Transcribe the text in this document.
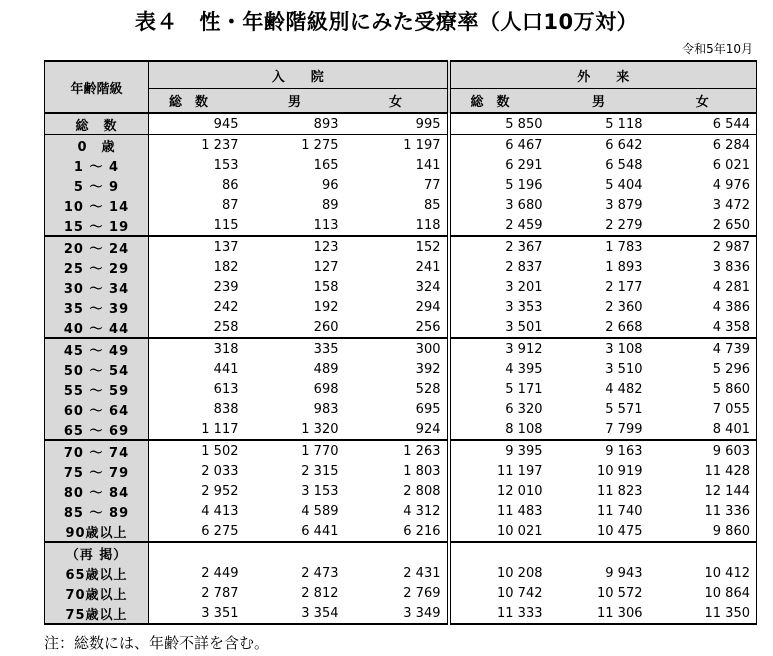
表４　性・年齢階級別にみた受療率（人口10万対）
令和5年10月
年齢階級	入　　院			外　　来		
	総　数	男	女	総　数	男	女
総　数	945	893	995	5 850	5 118	6 544
0　歳	1 237	1 275	1 197	6 467	6 642	6 284
1 ～ 4	153	165	141	6 291	6 548	6 021
5 ～ 9	86	96	77	5 196	5 404	4 976
10 ～ 14	87	89	85	3 680	3 879	3 472
15 ～ 19	115	113	118	2 459	2 279	2 650
20 ～ 24	137	123	152	2 367	1 783	2 987
25 ～ 29	182	127	241	2 837	1 893	3 836
30 ～ 34	239	158	324	3 201	2 177	4 281
35 ～ 39	242	192	294	3 353	2 360	4 386
40 ～ 44	258	260	256	3 501	2 668	4 358
45 ～ 49	318	335	300	3 912	3 108	4 739
50 ～ 54	441	489	392	4 395	3 510	5 296
55 ～ 59	613	698	528	5 171	4 482	5 860
60 ～ 64	838	983	695	6 320	5 571	7 055
65 ～ 69	1 117	1 320	924	8 108	7 799	8 401
70 ～ 74	1 502	1 770	1 263	9 395	9 163	9 603
75 ～ 79	2 033	2 315	1 803	11 197	10 919	11 428
80 ～ 84	2 952	3 153	2 808	12 010	11 823	12 144
85 ～ 89	4 413	4 589	4 312	11 483	11 740	11 336
90歳以上	6 275	6 441	6 216	10 021	10 475	9 860
（再 掲）						
65歳以上	2 449	2 473	2 431	10 208	9 943	10 412
70歳以上	2 787	2 812	2 769	10 742	10 572	10 864
75歳以上	3 351	3 354	3 349	11 333	11 306	11 350
注：総数には、年齢不詳を含む。
